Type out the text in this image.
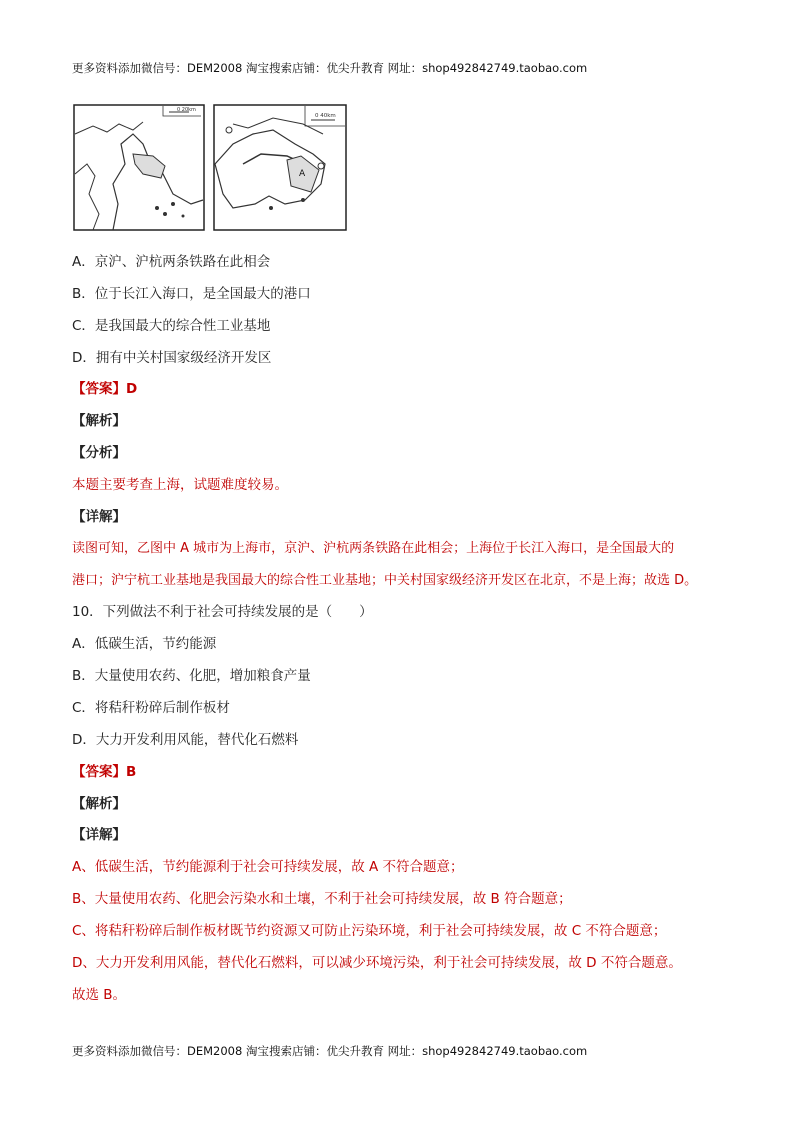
更多资料添加微信号：DEM2008 淘宝搜索店铺：优尖升教育 网址：shop492842749.taobao.com
0 20km
A
0 40km
A．京沪、沪杭两条铁路在此相会
B．位于长江入海口，是全国最大的港口
C．是我国最大的综合性工业基地
D．拥有中关村国家级经济开发区
【答案】D
【解析】
【分析】
本题主要考查上海，试题难度较易。
【详解】
读图可知，乙图中 A 城市为上海市，京沪、沪杭两条铁路在此相会；上海位于长江入海口，是全国最大的
港口；沪宁杭工业基地是我国最大的综合性工业基地；中关村国家级经济开发区在北京，不是上海；故选 D。
10．下列做法不利于社会可持续发展的是（　　）
A．低碳生活，节约能源
B．大量使用农药、化肥，增加粮食产量
C．将秸秆粉碎后制作板材
D．大力开发利用风能，替代化石燃料
【答案】B
【解析】
【详解】
A、低碳生活，节约能源利于社会可持续发展，故 A 不符合题意；
B、大量使用农药、化肥会污染水和土壤，不利于社会可持续发展，故 B 符合题意；
C、将秸秆粉碎后制作板材既节约资源又可防止污染环境，利于社会可持续发展，故 C 不符合题意；
D、大力开发利用风能，替代化石燃料，可以减少环境污染，利于社会可持续发展，故 D 不符合题意。
故选 B。
更多资料添加微信号：DEM2008 淘宝搜索店铺：优尖升教育 网址：shop492842749.taobao.com
